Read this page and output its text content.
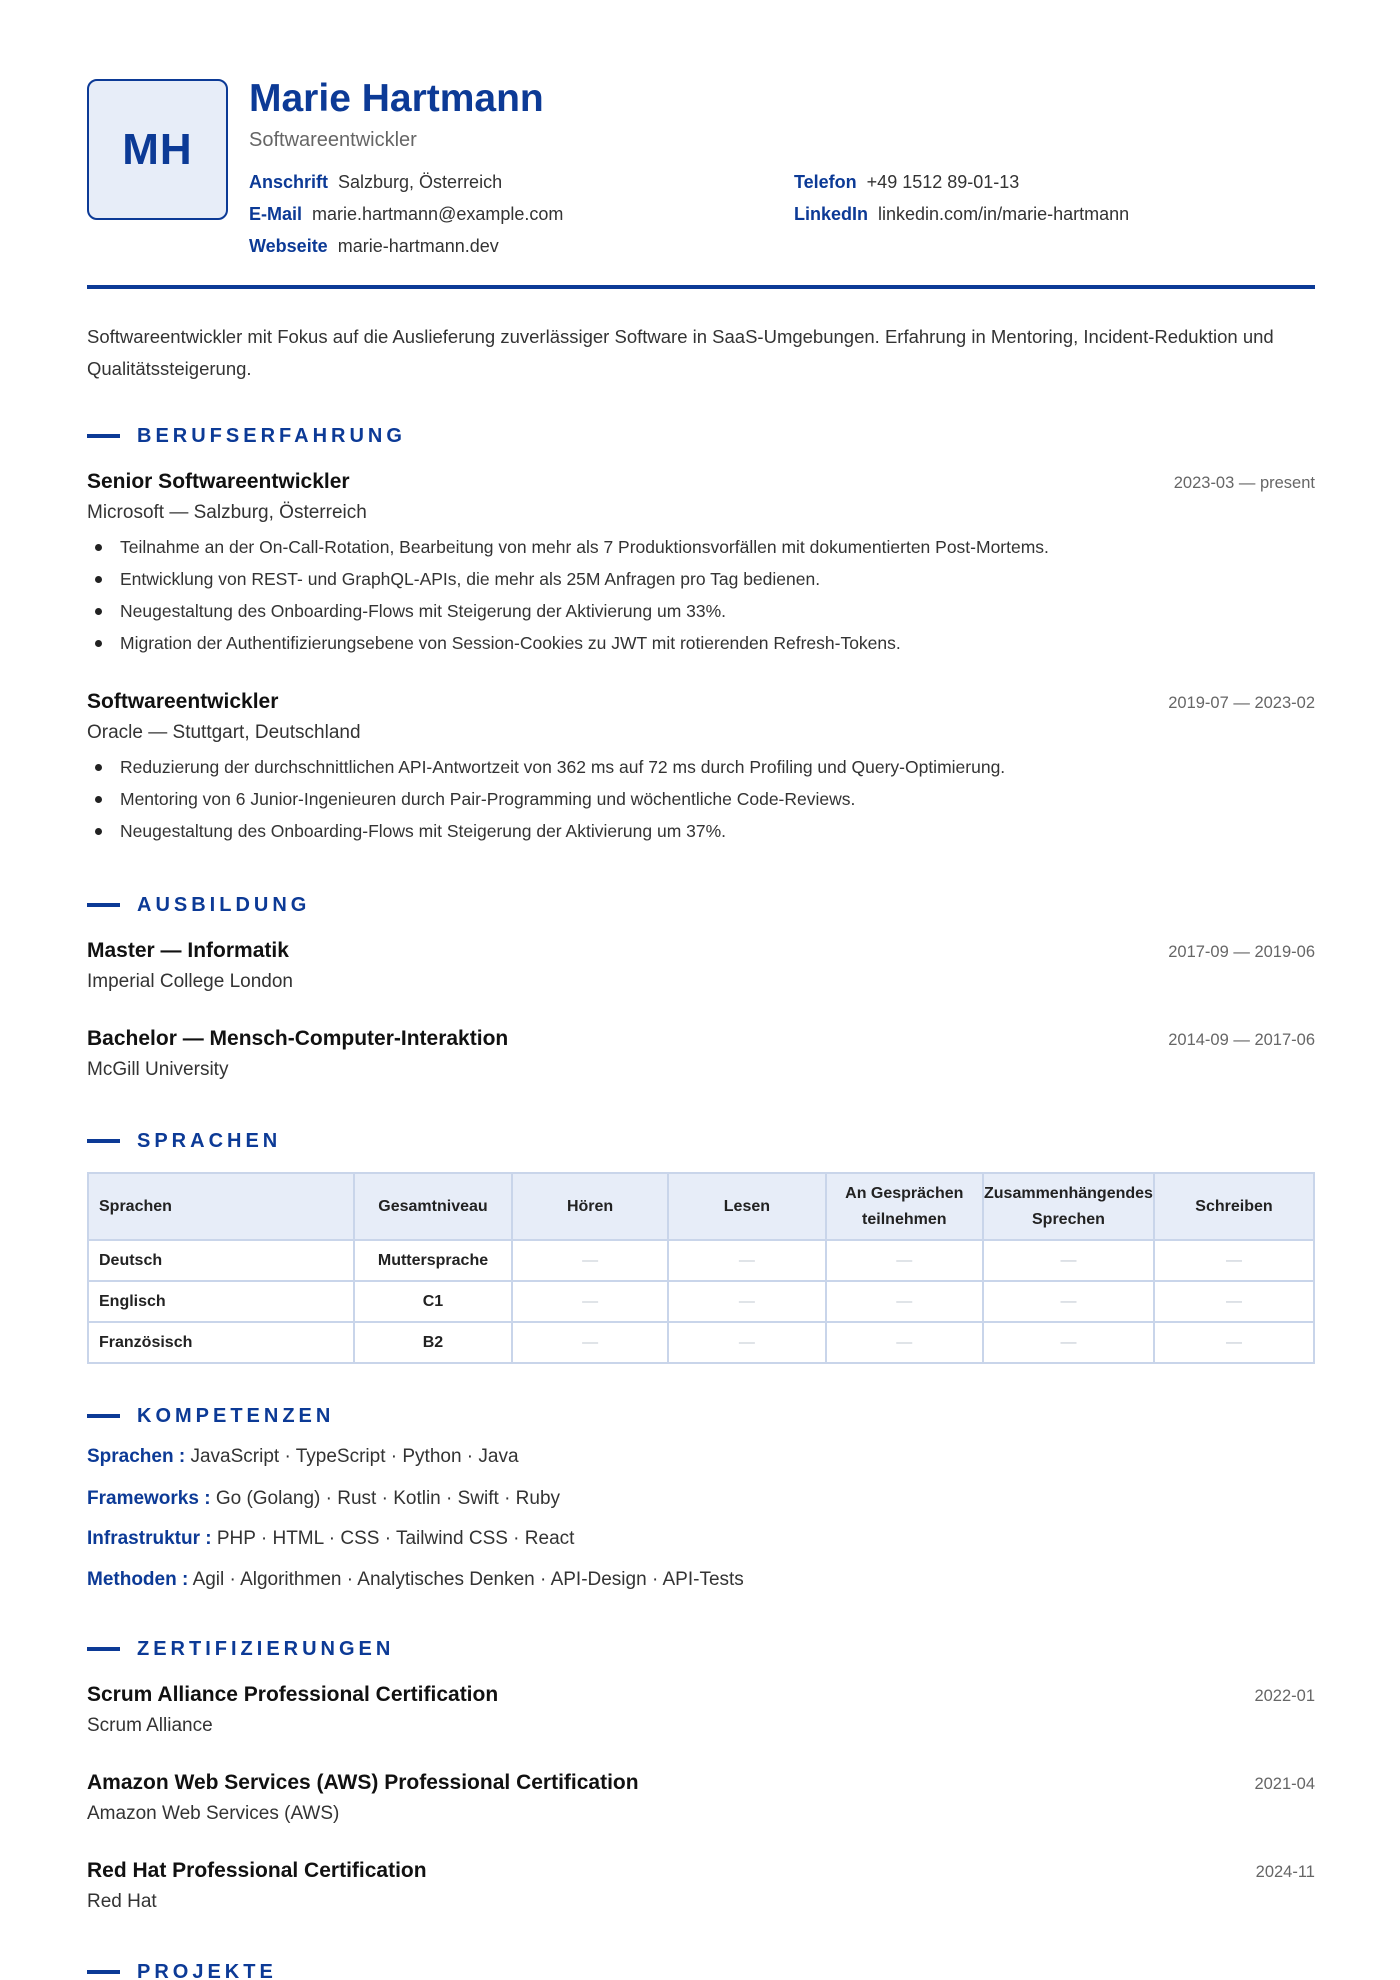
MH
Marie Hartmann
Softwareentwickler
Anschrift Salzburg, Österreich	Telefon +49 1512 89-01-13
E-Mail marie.hartmann@example.com	LinkedIn linkedin.com/in/marie-hartmann
Webseite marie-hartmann.dev
Softwareentwickler mit Fokus auf die Auslieferung zuverlässiger Software in SaaS-Umgebungen. Erfahrung in Mentoring, Incident-Reduktion und Qualitätssteigerung.
BERUFSERFAHRUNG
Senior Softwareentwickler	2023-03 — present
Microsoft — Salzburg, Österreich
Teilnahme an der On-Call-Rotation, Bearbeitung von mehr als 7 Produktionsvorfällen mit dokumentierten Post-Mortems.
Entwicklung von REST- und GraphQL-APIs, die mehr als 25M Anfragen pro Tag bedienen.
Neugestaltung des Onboarding-Flows mit Steigerung der Aktivierung um 33%.
Migration der Authentifizierungsebene von Session-Cookies zu JWT mit rotierenden Refresh-Tokens.
Softwareentwickler	2019-07 — 2023-02
Oracle — Stuttgart, Deutschland
Reduzierung der durchschnittlichen API-Antwortzeit von 362 ms auf 72 ms durch Profiling und Query-Optimierung.
Mentoring von 6 Junior-Ingenieuren durch Pair-Programming und wöchentliche Code-Reviews.
Neugestaltung des Onboarding-Flows mit Steigerung der Aktivierung um 37%.
AUSBILDUNG
Master — Informatik	2017-09 — 2019-06
Imperial College London
Bachelor — Mensch-Computer-Interaktion	2014-09 — 2017-06
McGill University
SPRACHEN
Sprachen	Gesamtniveau	Hören	Lesen	An Gesprächen teilnehmen	Zusammenhängendes Sprechen	Schreiben
Deutsch	Muttersprache	—	—	—	—	—
Englisch	C1	—	—	—	—	—
Französisch	B2	—	—	—	—	—
KOMPETENZEN
Sprachen : JavaScript · TypeScript · Python · Java
Frameworks : Go (Golang) · Rust · Kotlin · Swift · Ruby
Infrastruktur : PHP · HTML · CSS · Tailwind CSS · React
Methoden : Agil · Algorithmen · Analytisches Denken · API-Design · API-Tests
ZERTIFIZIERUNGEN
Scrum Alliance Professional Certification	2022-01
Scrum Alliance
Amazon Web Services (AWS) Professional Certification	2021-04
Amazon Web Services (AWS)
Red Hat Professional Certification	2024-11
Red Hat
PROJEKTE
